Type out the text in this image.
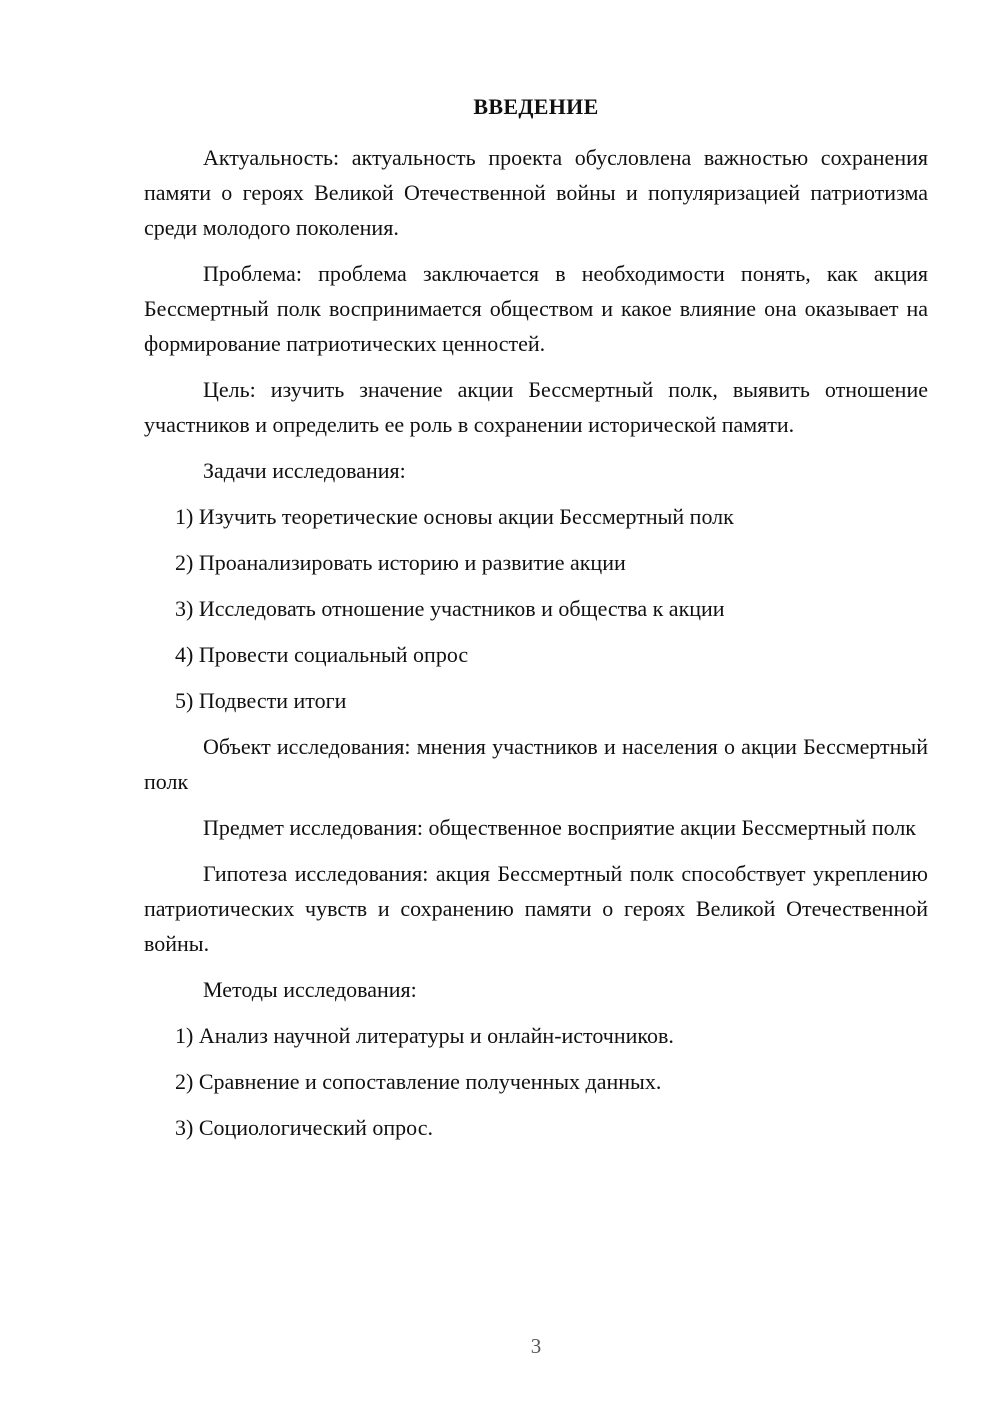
ВВЕДЕНИЕ

Актуальность: актуальность проекта обусловлена важностью сохранения памяти о героях Великой Отечественной войны и популяризацией патриотизма среди молодого поколения.

Проблема: проблема заключается в необходимости понять, как акция Бессмертный полк воспринимается обществом и какое влияние она оказывает на формирование патриотических ценностей.

Цель: изучить значение акции Бессмертный полк, выявить отношение участников и определить ее роль в сохранении исторической памяти.

Задачи исследования:
1) Изучить теоретические основы акции Бессмертный полк
2) Проанализировать историю и развитие акции
3) Исследовать отношение участников и общества к акции
4) Провести социальный опрос
5) Подвести итоги

Объект исследования: мнения участников и населения о акции Бессмертный полк

Предмет исследования: общественное восприятие акции Бессмертный полк

Гипотеза исследования: акция Бессмертный полк способствует укреплению патриотических чувств и сохранению памяти о героях Великой Отечественной войны.

Методы исследования:
1) Анализ научной литературы и онлайн-источников.
2) Сравнение и сопоставление полученных данных.
3) Социологический опрос.
3
